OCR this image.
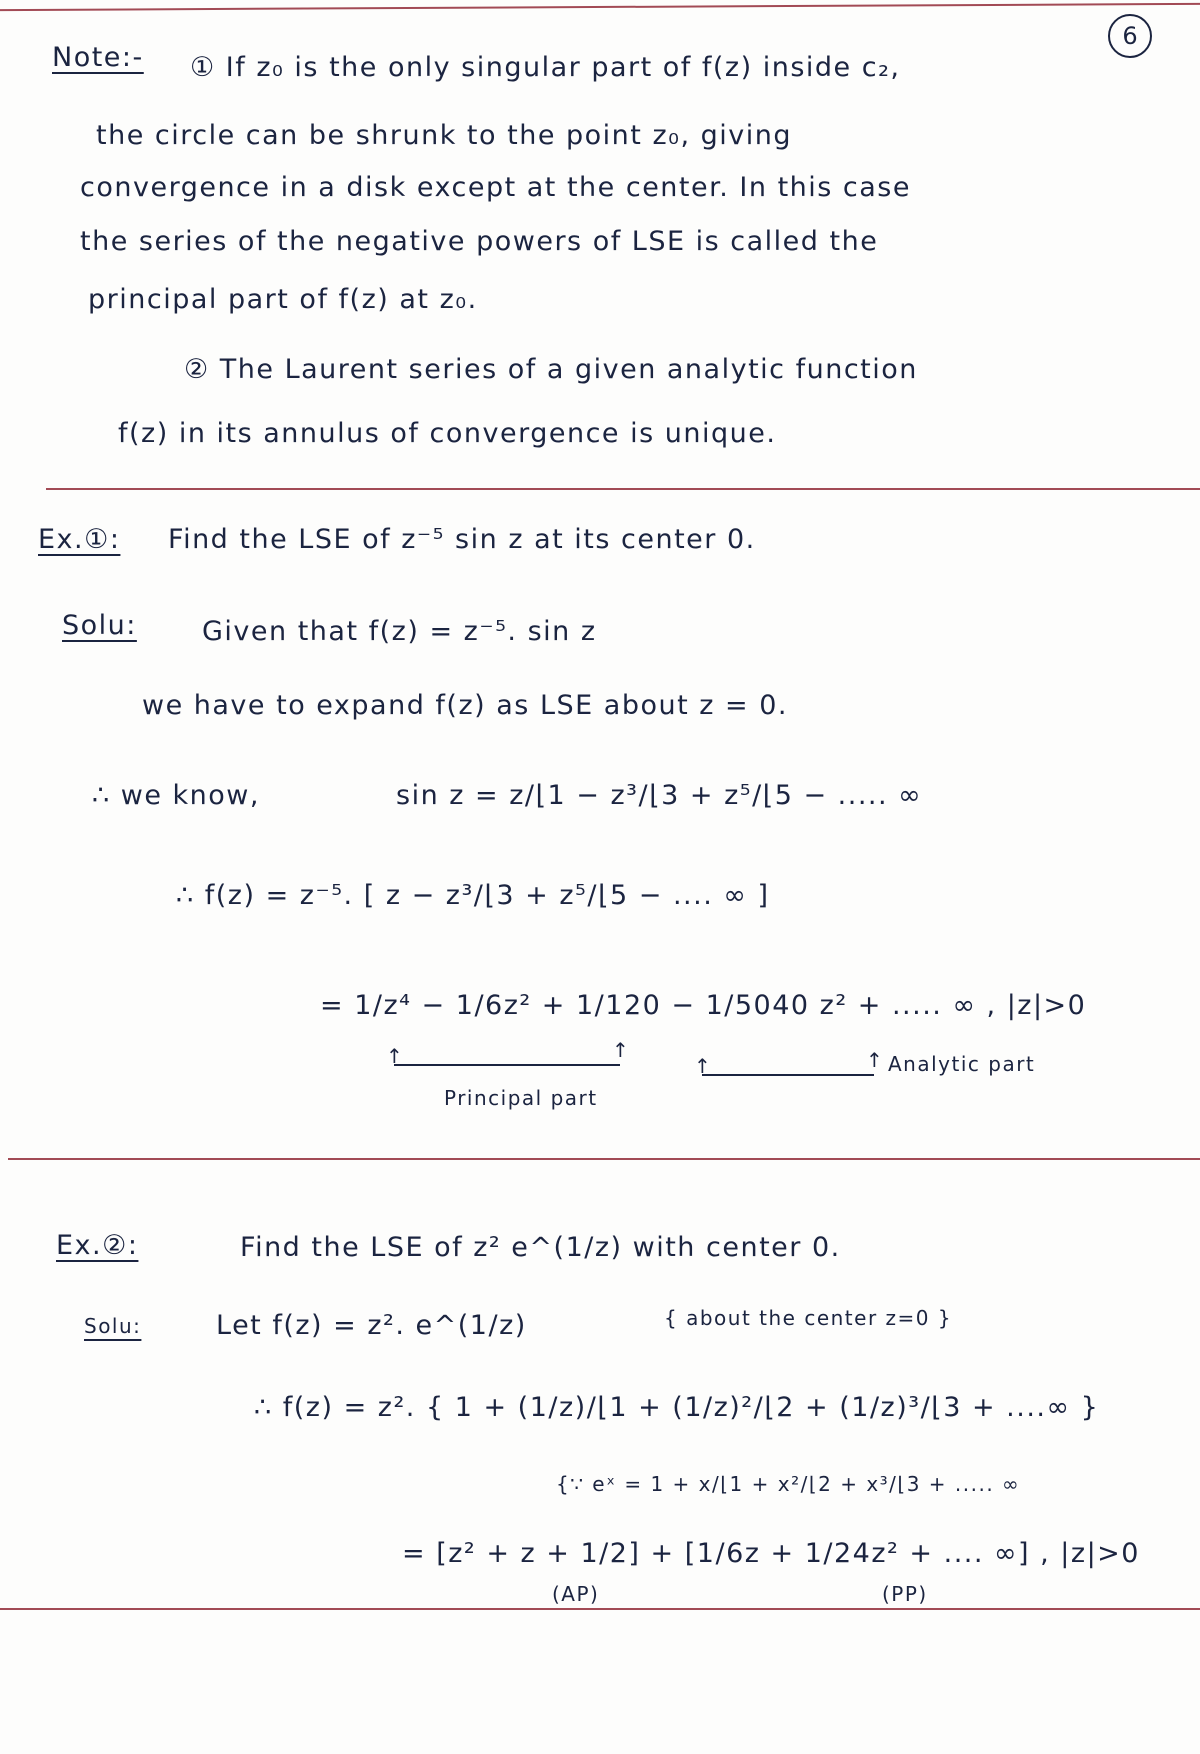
6
Note:- ① If z₀ is the only singular part of f(z) inside c₂,
the circle can be shrunk to the point z₀, giving
convergence in a disk except at the center. In this case
the series of the negative powers of LSE is called the
principal part of f(z) at z₀.
② The Laurent series of a given analytic function
f(z) in its annulus of convergence is unique.
Ex.①: Find the LSE of z⁻⁵ sin z at its center 0.
Solu: Given that f(z) = z⁻⁵. sin z
we have to expand f(z) as LSE about z = 0.
∴ we know,	sin z = z/⌊1 − z³/⌊3 + z⁵/⌊5 − ..... ∞
∴ f(z) = z⁻⁵. [ z − z³/⌊3 + z⁵/⌊5 − .... ∞ ]
= 1/z⁴ − 1/6z² + 1/120 − 1/5040 z² + ..... ∞ , |z|>0
↑	↑
↑	↑
Principal part
Analytic part
Ex.②:	Find the LSE of z² e^(1/z) with center 0.
Solu:	Let f(z) = z². e^(1/z)	{ about the center z=0 }
∴ f(z) = z². { 1 + (1/z)/⌊1 + (1/z)²/⌊2 + (1/z)³/⌊3 + ....∞ }
{∵ eˣ = 1 + x/⌊1 + x²/⌊2 + x³/⌊3 + ..... ∞
= [z² + z + 1/2] + [1/6z + 1/24z² + .... ∞] , |z|>0
(AP)	(PP)
